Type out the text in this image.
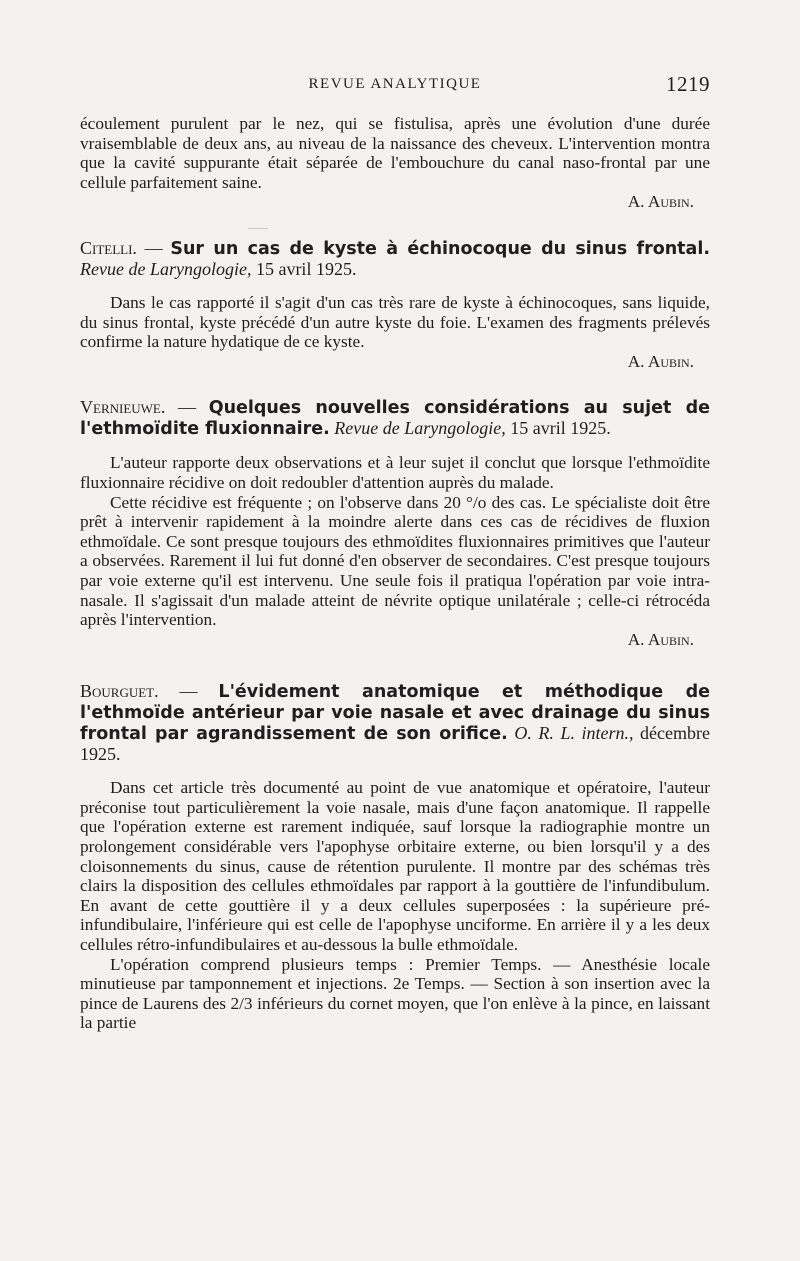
REVUE ANALYTIQUE	1219

écoulement purulent par le nez, qui se fistulisa, après une évolution d'une durée vraisemblable de deux ans, au niveau de la naissance des cheveux. L'intervention montra que la cavité suppurante était séparée de l'embouchure du canal naso-frontal par une cellule parfaitement saine.

A. Aubin.

Citelli. — Sur un cas de kyste à échinocoque du sinus frontal. Revue de Laryngologie, 15 avril 1925.

Dans le cas rapporté il s'agit d'un cas très rare de kyste à échinocoques, sans liquide, du sinus frontal, kyste précédé d'un autre kyste du foie. L'examen des fragments prélevés confirme la nature hydatique de ce kyste.

A. Aubin.

Vernieuwe. — Quelques nouvelles considérations au sujet de l'ethmoïdite fluxionnaire. Revue de Laryngologie, 15 avril 1925.

L'auteur rapporte deux observations et à leur sujet il conclut que lorsque l'ethmoïdite fluxionnaire récidive on doit redoubler d'attention auprès du malade.

Cette récidive est fréquente ; on l'observe dans 20 °/o des cas. Le spécialiste doit être prêt à intervenir rapidement à la moindre alerte dans ces cas de récidives de fluxion ethmoïdale. Ce sont presque toujours des ethmoïdites fluxionnaires primitives que l'auteur a observées. Rarement il lui fut donné d'en observer de secondaires. C'est presque toujours par voie externe qu'il est intervenu. Une seule fois il pratiqua l'opération par voie intra-nasale. Il s'agissait d'un malade atteint de névrite optique unilatérale ; celle-ci rétrocéda après l'intervention.

A. Aubin.

Bourguet. — L'évidement anatomique et méthodique de l'ethmoïde antérieur par voie nasale et avec drainage du sinus frontal par agrandissement de son orifice. O. R. L. intern., décembre 1925.

Dans cet article très documenté au point de vue anatomique et opératoire, l'auteur préconise tout particulièrement la voie nasale, mais d'une façon anatomique. Il rappelle que l'opération externe est rarement indiquée, sauf lorsque la radiographie montre un prolongement considérable vers l'apophyse orbitaire externe, ou bien lorsqu'il y a des cloisonnements du sinus, cause de rétention purulente. Il montre par des schémas très clairs la disposition des cellules ethmoïdales par rapport à la gouttière de l'infundibulum. En avant de cette gouttière il y a deux cellules superposées : la supérieure pré-infundibulaire, l'inférieure qui est celle de l'apophyse unciforme. En arrière il y a les deux cellules rétro-infundibulaires et au-dessous la bulle ethmoïdale.

L'opération comprend plusieurs temps : Premier Temps. — Anesthésie locale minutieuse par tamponnement et injections. 2e Temps. — Section à son insertion avec la pince de Laurens des 2/3 inférieurs du cornet moyen, que l'on enlève à la pince, en laissant la partie
